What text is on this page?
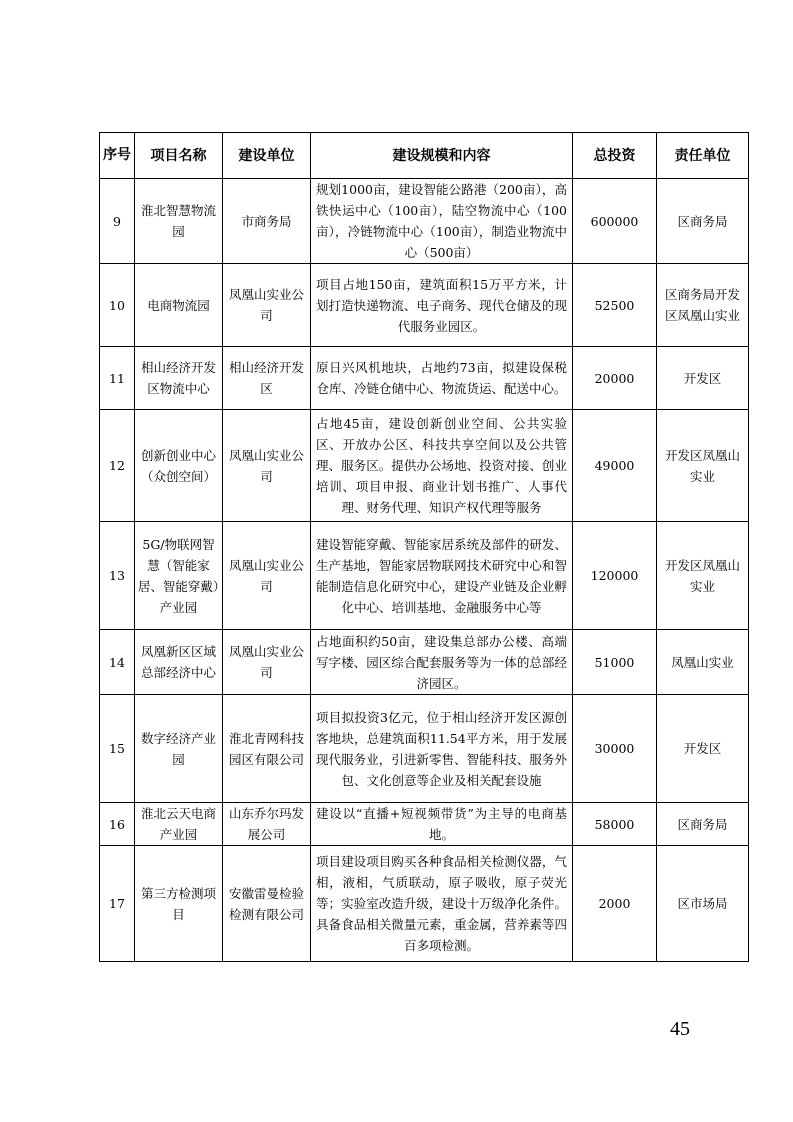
序号	项目名称	建设单位	建设规模和内容	总投资	责任单位
9	淮北智慧物流园	市商务局	规划1000亩，建设智能公路港（200亩），高铁快运中心（100亩），陆空物流中心（100亩），冷链物流中心（100亩），制造业物流中心（500亩）	600000	区商务局
10	电商物流园	凤凰山实业公司	项目占地150亩，建筑面积15万平方米，计划打造快递物流、电子商务、现代仓储及的现代服务业园区。	52500	区商务局开发区凤凰山实业
11	相山经济开发区物流中心	相山经济开发区	原日兴风机地块，占地约73亩，拟建设保税仓库、冷链仓储中心、物流货运、配送中心。	20000	开发区
12	创新创业中心（众创空间）	凤凰山实业公司	占地45亩，建设创新创业空间、公共实验区、开放办公区、科技共享空间以及公共管理、服务区。提供办公场地、投资对接、创业培训、项目申报、商业计划书推广、人事代理、财务代理、知识产权代理等服务	49000	开发区凤凰山实业
13	5G/物联网智慧（智能家居、智能穿戴）产业园	凤凰山实业公司	建设智能穿戴、智能家居系统及部件的研发、生产基地，智能家居物联网技术研究中心和智能制造信息化研究中心，建设产业链及企业孵化中心、培训基地、金融服务中心等	120000	开发区凤凰山实业
14	凤凰新区区域总部经济中心	凤凰山实业公司	占地面积约50亩，建设集总部办公楼、高端写字楼、园区综合配套服务等为一体的总部经济园区。	51000	凤凰山实业
15	数字经济产业园	淮北青网科技园区有限公司	项目拟投资3亿元，位于相山经济开发区源创客地块，总建筑面积11.54平方米，用于发展现代服务业，引进新零售、智能科技、服务外包、文化创意等企业及相关配套设施	30000	开发区
16	淮北云天电商产业园	山东乔尔玛发展公司	建设以“直播+短视频带货”为主导的电商基地。	58000	区商务局
17	第三方检测项目	安徽雷曼检验检测有限公司	项目建设项目购买各种食品相关检测仪器，气相，液相，气质联动，原子吸收，原子荧光等；实验室改造升级，建设十万级净化条件。具备食品相关微量元素，重金属，营养素等四百多项检测。	2000	区市场局
45
